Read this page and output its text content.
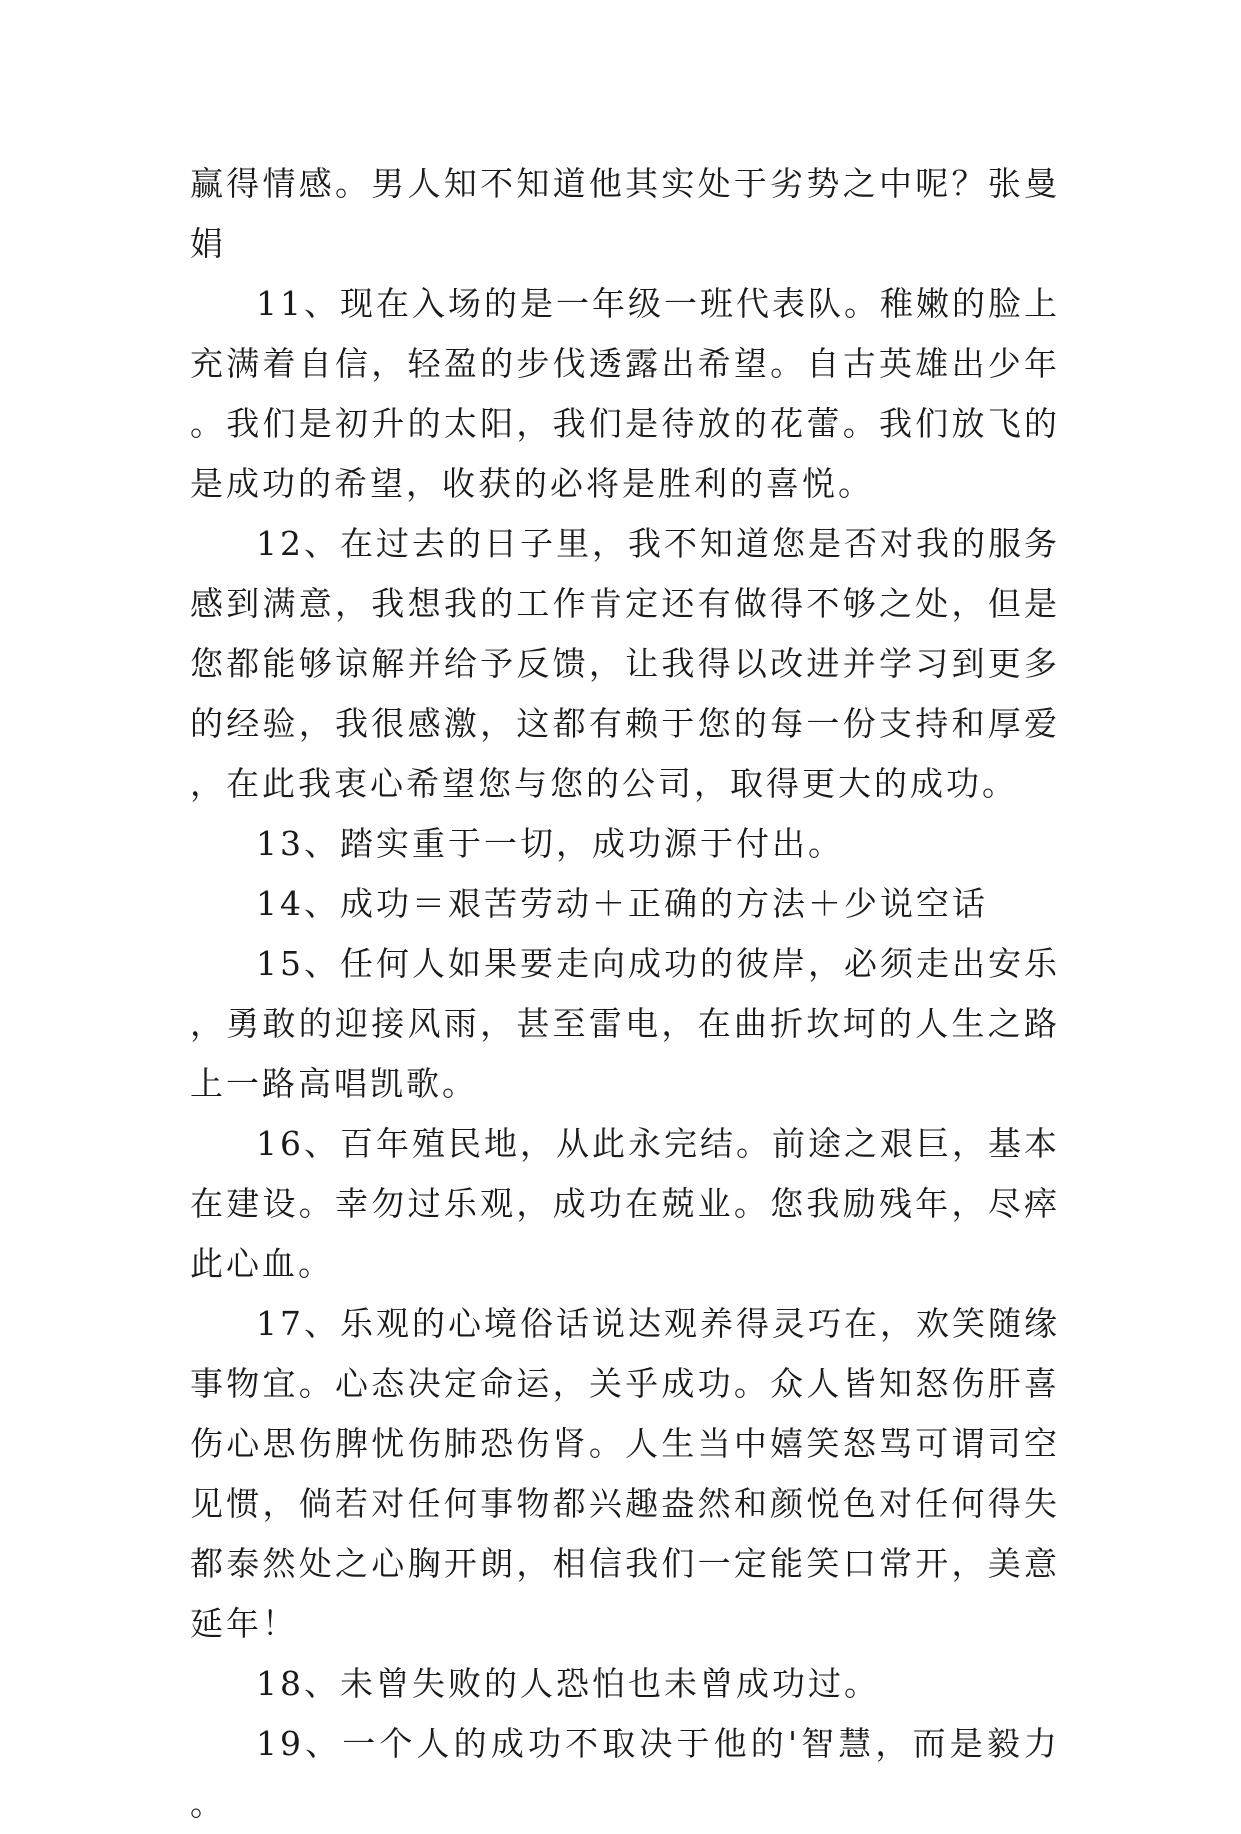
赢得情感。男人知不知道他其实处于劣势之中呢？张曼娟

11、现在入场的是一年级一班代表队。稚嫩的脸上充满着自信，轻盈的步伐透露出希望。自古英雄出少年。我们是初升的太阳，我们是待放的花蕾。我们放飞的是成功的希望，收获的必将是胜利的喜悦。

12、在过去的日子里，我不知道您是否对我的服务感到满意，我想我的工作肯定还有做得不够之处，但是您都能够谅解并给予反馈，让我得以改进并学习到更多的经验，我很感激，这都有赖于您的每一份支持和厚爱，在此我衷心希望您与您的公司，取得更大的成功。

13、踏实重于一切，成功源于付出。

14、成功＝艰苦劳动＋正确的方法＋少说空话

15、任何人如果要走向成功的彼岸，必须走出安乐，勇敢的迎接风雨，甚至雷电，在曲折坎坷的人生之路上一路高唱凯歌。

16、百年殖民地，从此永完结。前途之艰巨，基本在建设。幸勿过乐观，成功在兢业。您我励残年，尽瘁此心血。

17、乐观的心境俗话说达观养得灵巧在，欢笑随缘事物宜。心态决定命运，关乎成功。众人皆知怒伤肝喜伤心思伤脾忧伤肺恐伤肾。人生当中嬉笑怒骂可谓司空见惯，倘若对任何事物都兴趣盎然和颜悦色对任何得失都泰然处之心胸开朗，相信我们一定能笑口常开，美意延年！

18、未曾失败的人恐怕也未曾成功过。

19、一个人的成功不取决于他的'智慧，而是毅力。
